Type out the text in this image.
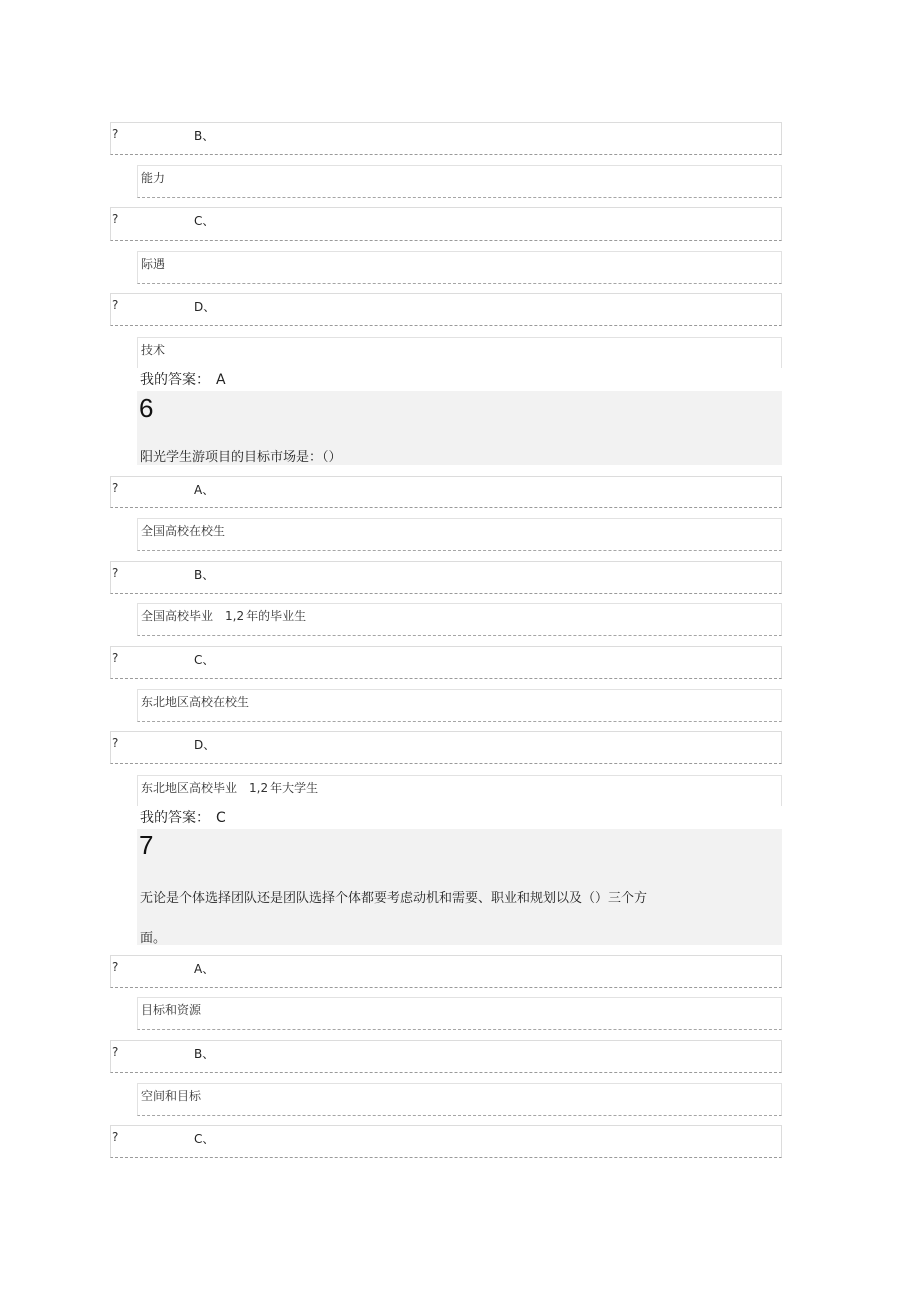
?	B、
能力
?	C、
际遇
?	D、
技术
我的答案： A
6
阳光学生游项目的目标市场是：（）
?	A、
全国高校在校生
?	B、
全国高校毕业 1,2 年的毕业生
?	C、
东北地区高校在校生
?	D、
东北地区高校毕业 1,2 年大学生
我的答案： C
7
无论是个体选择团队还是团队选择个体都要考虑动机和需要、职业和规划以及（）三个方
面。
?	A、
目标和资源
?	B、
空间和目标
?	C、
